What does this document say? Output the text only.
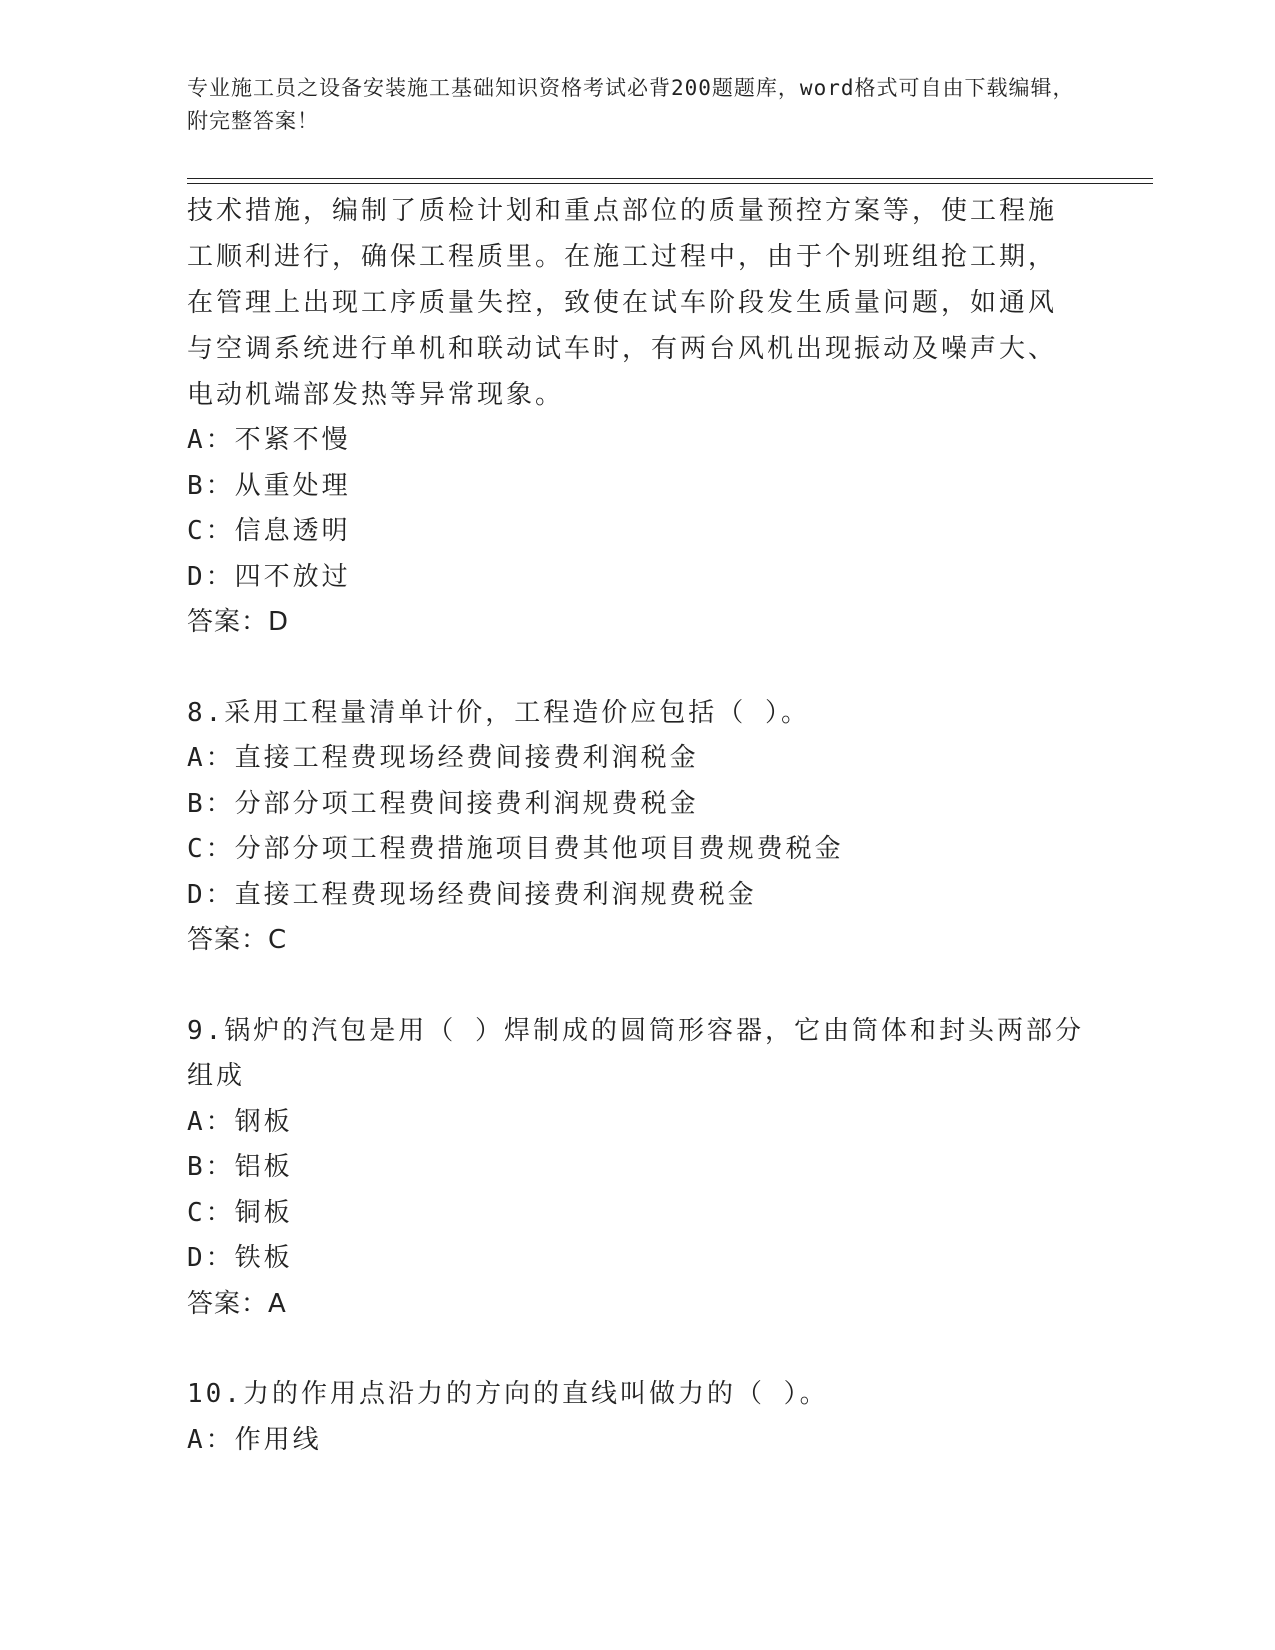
专业施工员之设备安装施工基础知识资格考试必背200题题库，word格式可自由下载编辑，附完整答案！
技术措施，编制了质检计划和重点部位的质量预控方案等，使工程施
工顺利进行，确保工程质里。在施工过程中，由于个别班组抢工期，
在管理上出现工序质量失控，致使在试车阶段发生质量问题，如通风
与空调系统进行单机和联动试车时，有两台风机出现振动及噪声大、
电动机端部发热等异常现象。
A：不紧不慢
B：从重处理
C：信息透明
D：四不放过
答案：D
8.采用工程量清单计价，工程造价应包括（ ）。
A：直接工程费现场经费间接费利润税金
B：分部分项工程费间接费利润规费税金
C：分部分项工程费措施项目费其他项目费规费税金
D：直接工程费现场经费间接费利润规费税金
答案：C
9.锅炉的汽包是用（ ）焊制成的圆筒形容器，它由筒体和封头两部分
组成
A：钢板
B：铝板
C：铜板
D：铁板
答案：A
10.力的作用点沿力的方向的直线叫做力的（ ）。
A：作用线
